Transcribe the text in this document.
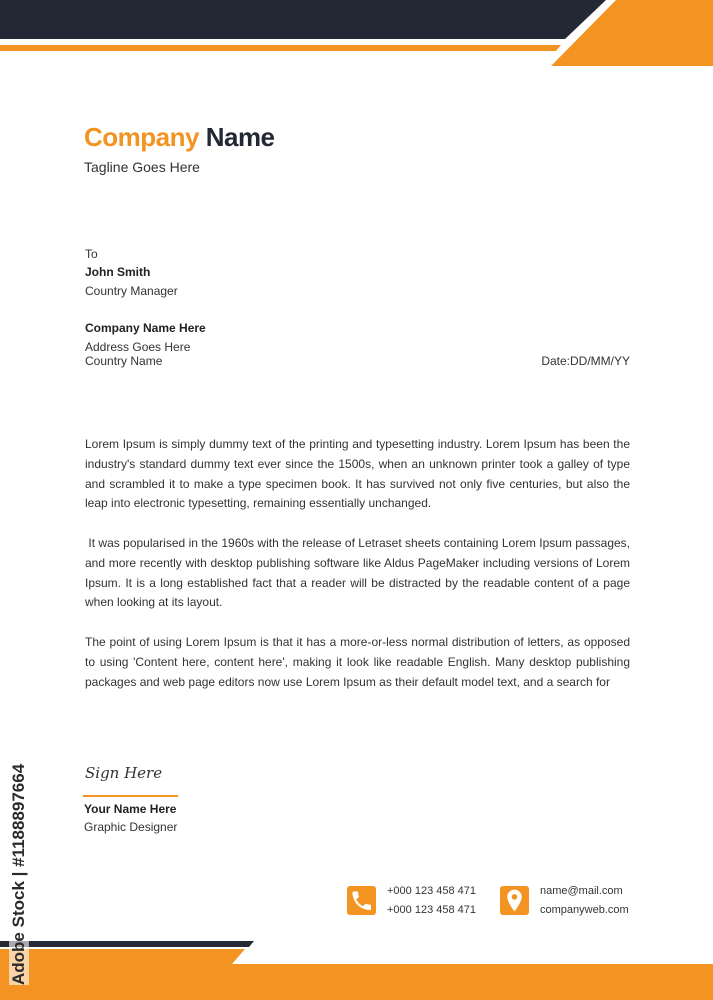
Company Name
Tagline Goes Here
To
John Smith
Country Manager
Company Name Here
Address Goes Here
Country Name	Date:DD/MM/YY

Lorem Ipsum is simply dummy text of the printing and typesetting industry. Lorem Ipsum has been the industry's standard dummy text ever since the 1500s, when an unknown printer took a galley of type and scrambled it to make a type specimen book. It has survived not only five centuries, but also the leap into electronic typesetting, remaining essentially unchanged.

It was popularised in the 1960s with the release of Letraset sheets containing Lorem Ipsum passages, and more recently with desktop publishing software like Aldus PageMaker including versions of Lorem Ipsum. It is a long established fact that a reader will be distracted by the readable content of a page when looking at its layout.

The point of using Lorem Ipsum is that it has a more-or-less normal distribution of letters, as opposed to using 'Content here, content here', making it look like readable English. Many desktop publishing packages and web page editors now use Lorem Ipsum as their default model text, and a search for

Sign Here
Your Name Here
Graphic Designer
+000 123 458 471
+000 123 458 471
name@mail.com
companyweb.com
Adobe Stock | #1188897664
